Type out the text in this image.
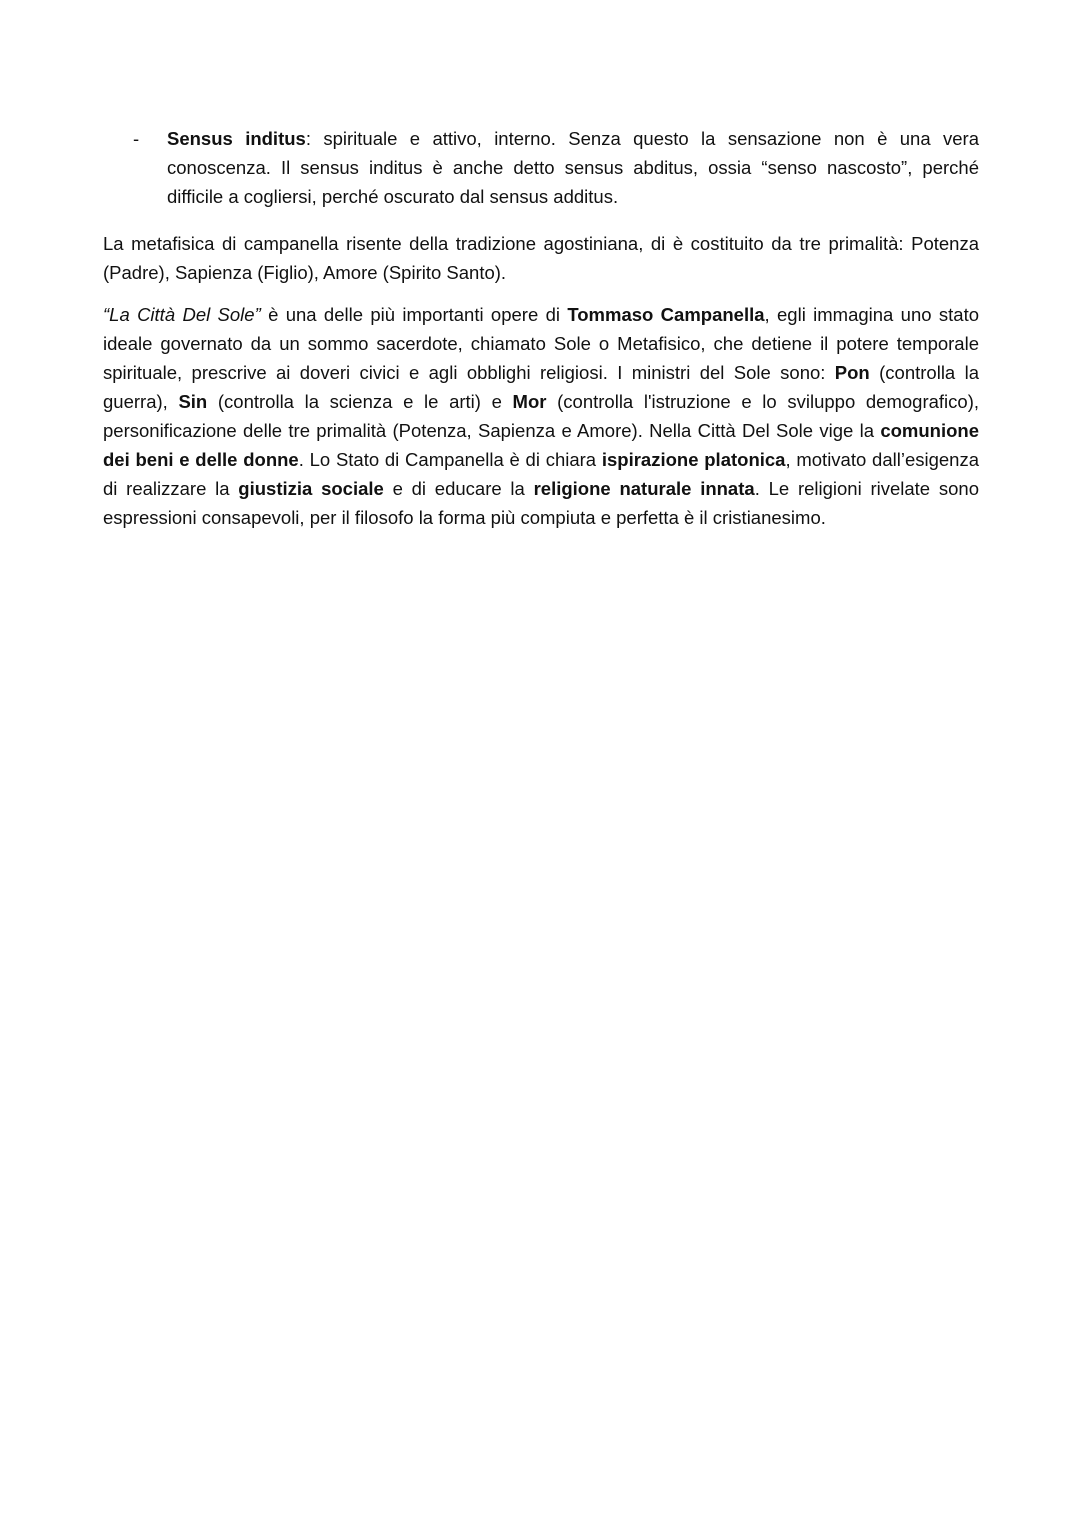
- Sensus inditus: spirituale e attivo, interno. Senza questo la sensazione non è una vera conoscenza. Il sensus inditus è anche detto sensus abditus, ossia “senso nascosto”, perché difficile a cogliersi, perché oscurato dal sensus additus.

La metafisica di campanella risente della tradizione agostiniana, di è costituito da tre primalità: Potenza (Padre), Sapienza (Figlio), Amore (Spirito Santo).

“La Città Del Sole” è una delle più importanti opere di Tommaso Campanella, egli immagina uno stato ideale governato da un sommo sacerdote, chiamato Sole o Metafisico, che detiene il potere temporale spirituale, prescrive ai doveri civici e agli obblighi religiosi. I ministri del Sole sono: Pon (controlla la guerra), Sin (controlla la scienza e le arti) e Mor (controlla l'istruzione e lo sviluppo demografico), personificazione delle tre primalità (Potenza, Sapienza e Amore). Nella Città Del Sole vige la comunione dei beni e delle donne. Lo Stato di Campanella è di chiara ispirazione platonica, motivato dall’esigenza di realizzare la giustizia sociale e di educare la religione naturale innata. Le religioni rivelate sono espressioni consapevoli, per il filosofo la forma più compiuta e perfetta è il cristianesimo.
